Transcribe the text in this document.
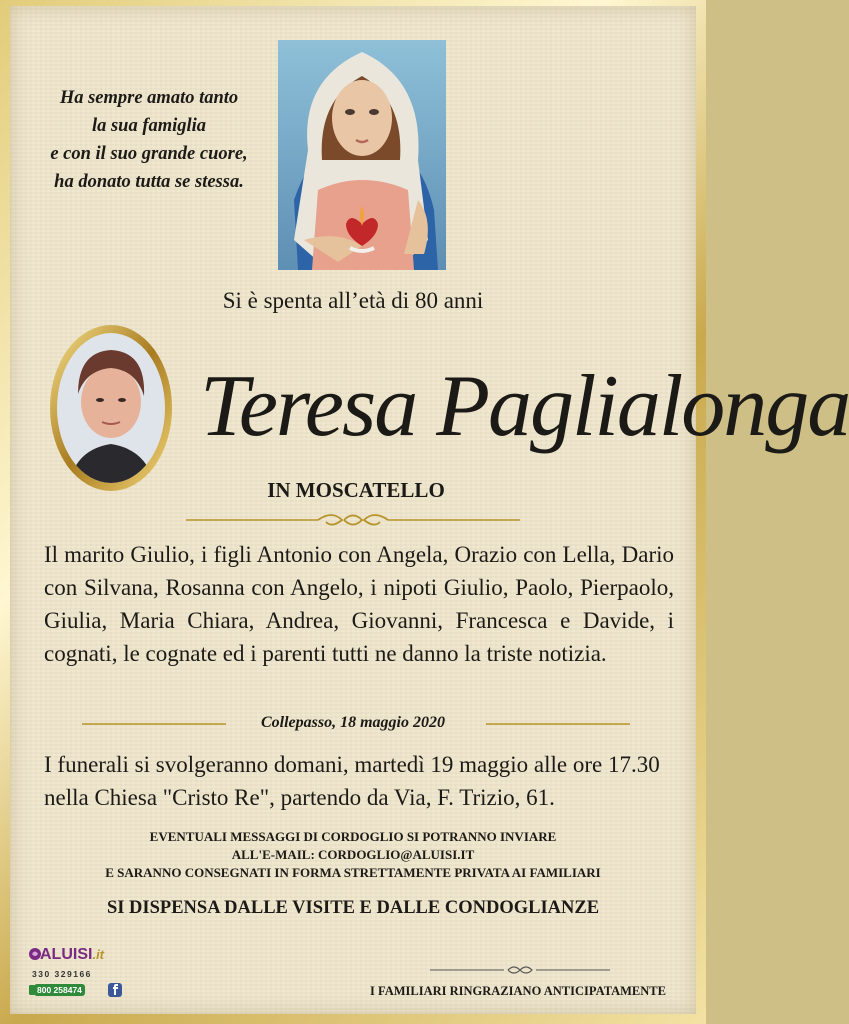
Ha sempre amato tanto
la sua famiglia
e con il suo grande cuore,
ha donato tutta se stessa.
Si è spenta all’età di 80 anni
Teresa Paglialonga
IN MOSCATELLO
Il marito Giulio, i figli Antonio con Angela, Orazio con Lella, Dario con Silvana, Rosanna con Angelo, i nipoti Giulio, Paolo, Pierpaolo, Giulia, Maria Chiara, Andrea, Giovanni, Francesca e Davide, i cognati, le cognate ed i parenti tutti ne danno la triste notizia.
Collepasso, 18 maggio 2020
I funerali si svolgeranno domani, martedì 19 maggio alle ore 17.30 nella Chiesa "Cristo Re", partendo da Via, F. Trizio, 61.
EVENTUALI MESSAGGI DI CORDOGLIO SI POTRANNO INVIARE
ALL'E-MAIL: CORDOGLIO@ALUISI.IT
E SARANNO CONSEGNATI IN FORMA STRETTAMENTE PRIVATA AI FAMILIARI
SI DISPENSA DALLE VISITE E DALLE CONDOGLIANZE
ALUISI.it
330 329166
800 258474	I FAMILIARI RINGRAZIANO ANTICIPATAMENTE
